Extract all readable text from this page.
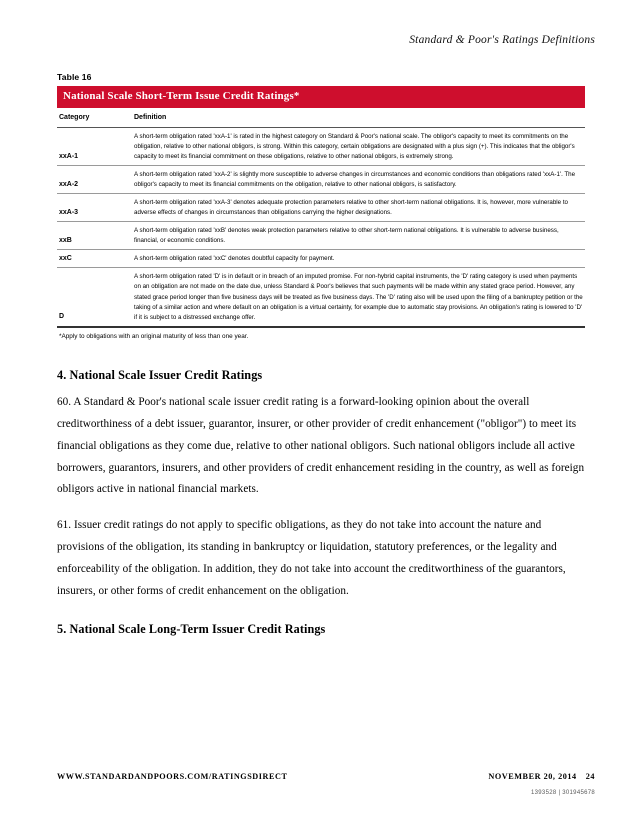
Standard & Poor's Ratings Definitions
Table 16
National Scale Short-Term Issue Credit Ratings*
Category	Definition
xxA-1	A short-term obligation rated 'xxA-1' is rated in the highest category on Standard & Poor's national scale. The obligor's capacity to meet its commitments on the obligation, relative to other national obligors, is strong. Within this category, certain obligations are designated with a plus sign (+). This indicates that the obligor's capacity to meet its financial commitment on these obligations, relative to other national obligors, is extremely strong.
xxA-2	A short-term obligation rated 'xxA-2' is slightly more susceptible to adverse changes in circumstances and economic conditions than obligations rated 'xxA-1'. The obligor's capacity to meet its financial commitments on the obligation, relative to other national obligors, is satisfactory.
xxA-3	A short-term obligation rated 'xxA-3' denotes adequate protection parameters relative to other short-term national obligations. It is, however, more vulnerable to adverse effects of changes in circumstances than obligations carrying the higher designations.
xxB	A short-term obligation rated 'xxB' denotes weak protection parameters relative to other short-term national obligations. It is vulnerable to adverse business, financial, or economic conditions.
xxC	A short-term obligation rated 'xxC' denotes doubtful capacity for payment.
D	A short-term obligation rated 'D' is in default or in breach of an imputed promise. For non-hybrid capital instruments, the 'D' rating category is used when payments on an obligation are not made on the date due, unless Standard & Poor's believes that such payments will be made within any stated grace period. However, any stated grace period longer than five business days will be treated as five business days. The 'D' rating also will be used upon the filing of a bankruptcy petition or the taking of a similar action and where default on an obligation is a virtual certainty, for example due to automatic stay provisions. An obligation's rating is lowered to 'D' if it is subject to a distressed exchange offer.
*Apply to obligations with an original maturity of less than one year.
4. National Scale Issuer Credit Ratings

60. A Standard & Poor's national scale issuer credit rating is a forward-looking opinion about the overall creditworthiness of a debt issuer, guarantor, insurer, or other provider of credit enhancement ("obligor") to meet its financial obligations as they come due, relative to other national obligors. Such national obligors include all active borrowers, guarantors, insurers, and other providers of credit enhancement residing in the country, as well as foreign obligors active in national financial markets.

61. Issuer credit ratings do not apply to specific obligations, as they do not take into account the nature and provisions of the obligation, its standing in bankruptcy or liquidation, statutory preferences, or the legality and enforceability of the obligation. In addition, they do not take into account the creditworthiness of the guarantors, insurers, or other forms of credit enhancement on the obligation.

5. National Scale Long-Term Issuer Credit Ratings
WWW.STANDARDANDPOORS.COM/RATINGSDIRECT	NOVEMBER 20, 2014 24
1393528 | 301945678
